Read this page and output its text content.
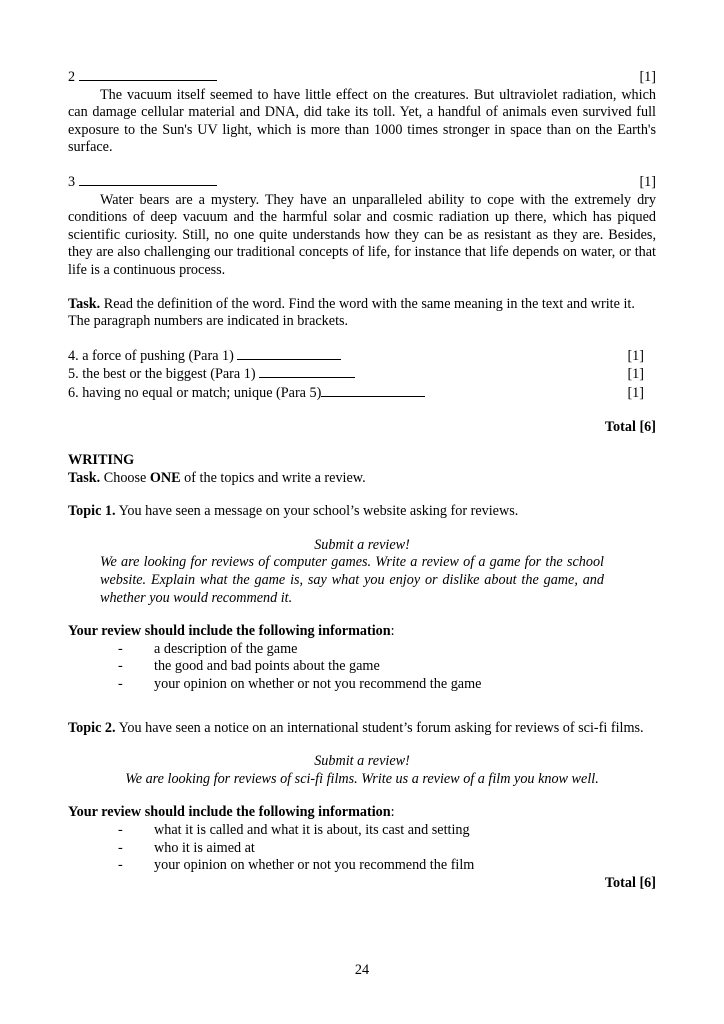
2	[1]

The vacuum itself seemed to have little effect on the creatures. But ultraviolet radiation, which can damage cellular material and DNA, did take its toll. Yet, a handful of animals even survived full exposure to the Sun's UV light, which is more than 1000 times stronger in space than on the Earth's surface.

3	[1]

Water bears are a mystery. They have an unparalleled ability to cope with the extremely dry conditions of deep vacuum and the harmful solar and cosmic radiation up there, which has piqued scientific curiosity. Still, no one quite understands how they can be as resistant as they are. Besides, they are also challenging our traditional concepts of life, for instance that life depends on water, or that life is a continuous process.

Task. Read the definition of the word. Find the word with the same meaning in the text and write it. The paragraph numbers are indicated in brackets.

4. a force of pushing (Para 1)	[1]
5. the best or the biggest (Para 1)	[1]
6. having no equal or match; unique (Para 5)	[1]
Total [6]
WRITING

Task. Choose ONE of the topics and write a review.

Topic 1. You have seen a message on your school’s website asking for reviews.

Submit a review!

We are looking for reviews of computer games. Write a review of a game for the school website. Explain what the game is, say what you enjoy or dislike about the game, and whether you would recommend it.

Your review should include the following information:
- a description of the game
- the good and bad points about the game
- your opinion on whether or not you recommend the game

Topic 2. You have seen a notice on an international student’s forum asking for reviews of sci-fi films.

Submit a review!
We are looking for reviews of sci-fi films. Write us a review of a film you know well.
Your review should include the following information:
- what it is called and what it is about, its cast and setting
- who it is aimed at
- your opinion on whether or not you recommend the film
Total [6]
24
